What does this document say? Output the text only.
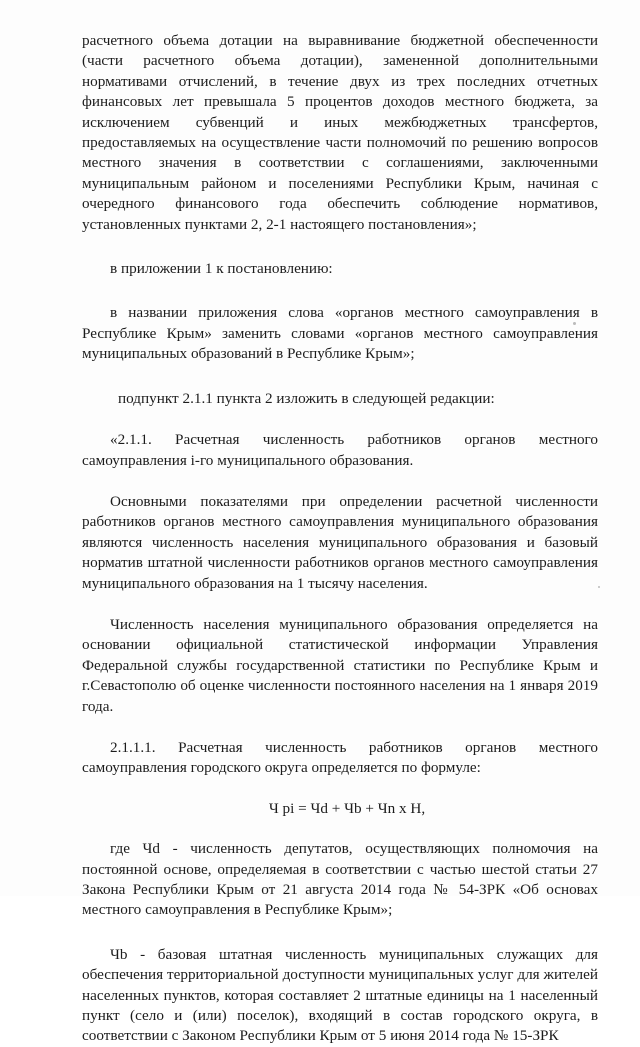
расчетного объема дотации на выравнивание бюджетной обеспеченности (части расчетного объема дотации), замененной дополнительными нормативами отчислений, в течение двух из трех последних отчетных финансовых лет превышала 5 процентов доходов местного бюджета, за исключением субвенций и иных межбюджетных трансфертов, предоставляемых на осуществление части полномочий по решению вопросов местного значения в соответствии с соглашениями, заключенными муниципальным районом и поселениями Республики Крым, начиная с очередного финансового года обеспечить соблюдение нормативов, установленных пунктами 2, 2-1 настоящего постановления»;

в приложении 1 к постановлению:

в названии приложения слова «органов местного самоуправления в Республике Крым» заменить словами «органов местного самоуправления муниципальных образований в Республике Крым»;

подпункт 2.1.1 пункта 2 изложить в следующей редакции:

«2.1.1. Расчетная численность работников органов местного самоуправления i-го муниципального образования.

Основными показателями при определении расчетной численности работников органов местного самоуправления муниципального образования являются численность населения муниципального образования и базовый норматив штатной численности работников органов местного самоуправления муниципального образования на 1 тысячу населения.

Численность населения муниципального образования определяется на основании официальной статистической информации Управления Федеральной службы государственной статистики по Республике Крым и г.Севастополю об оценке численности постоянного населения на 1 января 2019 года.

2.1.1.1. Расчетная численность работников органов местного самоуправления городского округа определяется по формуле:

Ч pi = Чd + Чb + Чn x Н,

где Чd - численность депутатов, осуществляющих полномочия на постоянной основе, определяемая в соответствии с частью шестой статьи 27 Закона Республики Крым от 21 августа 2014 года № 54-ЗРК «Об основах местного самоуправления в Республике Крым»;

Чb - базовая штатная численность муниципальных служащих для обеспечения территориальной доступности муниципальных услуг для жителей населенных пунктов, которая составляет 2 штатные единицы на 1 населенный пункт (село и (или) поселок), входящий в состав городского округа, в соответствии с Законом Республики Крым от 5 июня 2014 года № 15-ЗРК
